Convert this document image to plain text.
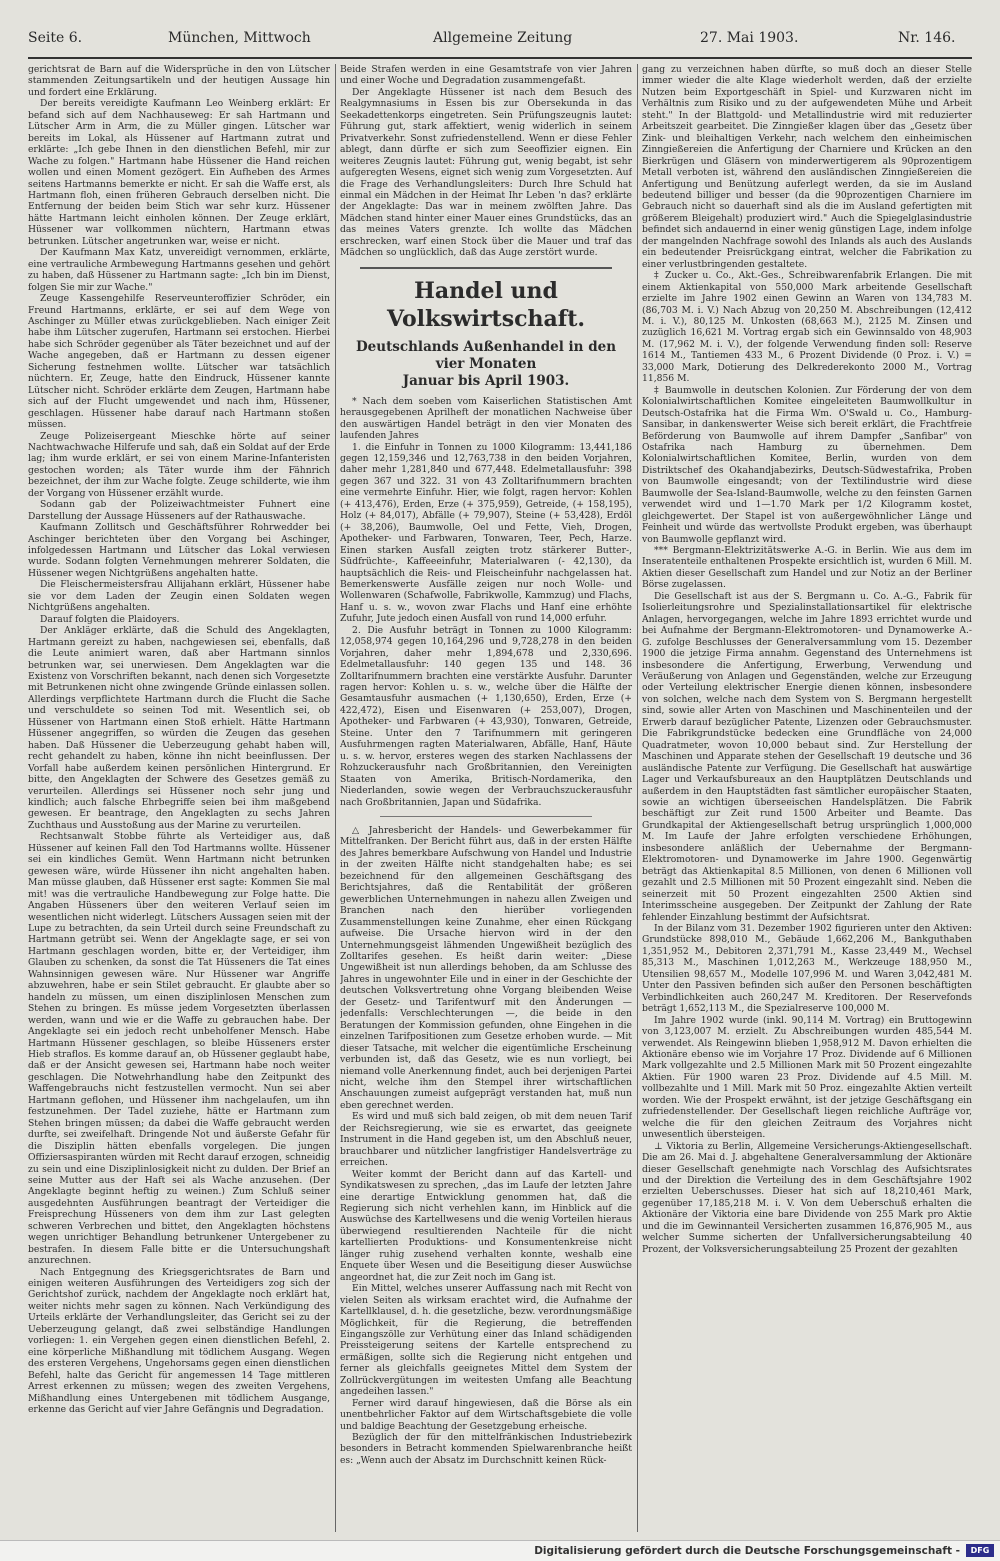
Seite 6.	München, Mittwoch	Allgemeine Zeitung	27. Mai 1903.	Nr. 146.

gerichtsrat de Barn auf die Widersprüche in den von Lütscher stammenden Zeitungsartikeln und der heutigen Aussage hin und fordert eine Erklärung.

Der bereits vereidigte Kaufmann Leo Weinberg erklärt: Er befand sich auf dem Nachhauseweg: Er sah Hartmann und Lütscher Arm in Arm, die zu Müller gingen. Lütscher war bereits im Lokal, als Hüssener auf Hartmann zutrat und erklärte: „Ich gebe Ihnen in den dienstlichen Befehl, mir zur Wache zu folgen." Hartmann habe Hüssener die Hand reichen wollen und einen Moment gezögert. Ein Aufheben des Armes seitens Hartmanns bemerkte er nicht. Er sah die Waffe erst, als Hartmann floh, einen früheren Gebrauch derselben nicht. Die Entfernung der beiden beim Stich war sehr kurz. Hüssener hätte Hartmann leicht einholen können. Der Zeuge erklärt, Hüssener war vollkommen nüchtern, Hartmann etwas betrunken. Lütscher angetrunken war, weise er nicht.

Der Kaufmann Max Katz, unvereidigt vernommen, erklärte, eine vertrauliche Armbewegung Hartmanns gesehen und gehört zu haben, daß Hüssener zu Hartmann sagte: „Ich bin im Dienst, folgen Sie mir zur Wache."

Zeuge Kassengehilfe Reserveunteroffizier Schröder, ein Freund Hartmanns, erklärte, er sei auf dem Wege von Aschinger zu Müller etwas zurückgeblieben. Nach einiger Zeit habe ihm Lütscher zugerufen, Hartmann sei erstochen. Hierbei habe sich Schröder gegenüber als Täter bezeichnet und auf der Wache angegeben, daß er Hartmann zu dessen eigener Sicherung festnehmen wollte. Lütscher war tatsächlich nüchtern. Er, Zeuge, hatte den Eindruck, Hüssener kannte Lütscher nicht. Schröder erklärte dem Zeugen, Hartmann habe sich auf der Flucht umgewendet und nach ihm, Hüssener, geschlagen. Hüssener habe darauf nach Hartmann stoßen müssen.

Zeuge Polizeisergeant Mieschke hörte auf seiner Nachtwachwache Hilferufe und sah, daß ein Soldat auf der Erde lag; ihm wurde erklärt, er sei von einem Marine-Infanteristen gestochen worden; als Täter wurde ihm der Fähnrich bezeichnet, der ihm zur Wache folgte. Zeuge schilderte, wie ihm der Vorgang von Hüssener erzählt wurde.

Sodann gab der Polizeiwachtmeister Fuhnert eine Darstellung der Aussage Hüsseners auf der Rathauswache.

Kaufmann Zollitsch und Geschäftsführer Rohrwedder bei Aschinger berichteten über den Vorgang bei Aschinger, infolgedessen Hartmann und Lütscher das Lokal verwiesen wurde. Sodann folgten Vernehmungen mehrerer Soldaten, die Hüssener wegen Nichtgrüßens angehalten hatte.

Die Fleischermeistersfrau Allijahann erklärt, Hüssener habe sie vor dem Laden der Zeugin einen Soldaten wegen Nichtgrüßens angehalten.

Darauf folgten die Plaidoyers.

Der Ankläger erklärte, daß die Schuld des Angeklagten, Hartmann gereizt zu haben, nachgewiesen sei, ebenfalls, daß die Leute animiert waren, daß aber Hartmann sinnlos betrunken war, sei unerwiesen. Dem Angeklagten war die Existenz von Vorschriften bekannt, nach denen sich Vorgesetzte mit Betrunkenen nicht ohne zwingende Gründe einlassen sollen. Allerdings verpflichtete Hartmann durch die Flucht die Sache und verschuldete so seinen Tod mit. Wesentlich sei, ob Hüssener von Hartmann einen Stoß erhielt. Hätte Hartmann Hüssener angegriffen, so würden die Zeugen das gesehen haben. Daß Hüssener die Ueberzeugung gehabt haben will, recht gehandelt zu haben, könne ihn nicht beeinflussen. Der Vorfall habe außerdem keinen persönlichen Hintergrund. Er bitte, den Angeklagten der Schwere des Gesetzes gemäß zu verurteilen. Allerdings sei Hüssener noch sehr jung und kindlich; auch falsche Ehrbegriffe seien bei ihm maßgebend gewesen. Er beantrage, den Angeklagten zu sechs Jahren Zuchthaus und Ausstoßung aus der Marine zu verurteilen.

Rechtsanwalt Stobbe führte als Verteidiger aus, daß Hüssener auf keinen Fall den Tod Hartmanns wollte. Hüssener sei ein kindliches Gemüt. Wenn Hartmann nicht betrunken gewesen wäre, würde Hüssener ihn nicht angehalten haben. Man müsse glauben, daß Hüssener erst sagte: Kommen Sie mal mit! was die vertrauliche Handbewegung zur Folge hatte. Die Angaben Hüsseners über den weiteren Verlauf seien im wesentlichen nicht widerlegt. Lütschers Aussagen seien mit der Lupe zu betrachten, da sein Urteil durch seine Freundschaft zu Hartmann getrübt sei. Wenn der Angeklagte sage, er sei von Hartmann geschlagen worden, bitte er, der Verteidiger, ihm Glauben zu schenken, da sonst die Tat Hüsseners die Tat eines Wahnsinnigen gewesen wäre. Nur Hüssener war Angriffe abzuwehren, habe er sein Stilet gebraucht. Er glaubte aber so handeln zu müssen, um einen disziplinlosen Menschen zum Stehen zu bringen. Es müsse jedem Vorgesetzten überlassen werden, wann und wie er die Waffe zu gebrauchen habe. Der Angeklagte sei ein jedoch recht unbeholfener Mensch. Habe Hartmann Hüssener geschlagen, so bleibe Hüsseners erster Hieb straflos. Es komme darauf an, ob Hüssener geglaubt habe, daß er der Ansicht gewesen sei, Hartmann habe noch weiter geschlagen. Die Notwehrhandlung habe den Zeitpunkt des Waffengebrauchs nicht festzustellen vermocht. Nun sei aber Hartmann geflohen, und Hüssener ihm nachgelaufen, um ihn festzunehmen. Der Tadel zuziehe, hätte er Hartmann zum Stehen bringen müssen; da dabei die Waffe gebraucht werden durfte, sei zweifelhaft. Dringende Not und äußerste Gefahr für die Disziplin hätten ebenfalls vorgelegen. Die jungen Offiziersaspiranten würden mit Recht darauf erzogen, schneidig zu sein und eine Disziplinlosigkeit nicht zu dulden. Der Brief an seine Mutter aus der Haft sei als Wache anzusehen. (Der Angeklagte beginnt heftig zu weinen.) Zum Schluß seiner ausgedehnten Ausführungen beantragt der Verteidiger die Freisprechung Hüsseners von dem ihm zur Last gelegten schweren Verbrechen und bittet, den Angeklagten höchstens wegen unrichtiger Behandlung betrunkener Untergebener zu bestrafen. In diesem Falle bitte er die Untersuchungshaft anzurechnen.

Nach Entgegnung des Kriegsgerichtsrates de Barn und einigen weiteren Ausführungen des Verteidigers zog sich der Gerichtshof zurück, nachdem der Angeklagte noch erklärt hat, weiter nichts mehr sagen zu können. Nach Verkündigung des Urteils erklärte der Verhandlungsleiter, das Gericht sei zu der Ueberzeugung gelangt, daß zwei selbständige Handlungen vorliegen: 1. ein Vergehen gegen einen dienstlichen Befehl, 2. eine körperliche Mißhandlung mit tödlichem Ausgang. Wegen des ersteren Vergehens, Ungehorsams gegen einen dienstlichen Befehl, halte das Gericht für angemessen 14 Tage mittleren Arrest erkennen zu müssen; wegen des zweiten Vergehens, Mißhandlung eines Untergebenen mit tödlichem Ausgange, erkenne das Gericht auf vier Jahre Gefängnis und Degradation.

Beide Strafen werden in eine Gesamtstrafe von vier Jahren und einer Woche und Degradation zusammengefaßt.

Der Angeklagte Hüssener ist nach dem Besuch des Realgymnasiums in Essen bis zur Obersekunda in das Seekadettenkorps eingetreten. Sein Prüfungszeugnis lautet: Führung gut, stark affektiert, wenig widerlich in seinem Privatverkehr. Sonst zufriedenstellend. Wenn er diese Fehler ablegt, dann dürfte er sich zum Seeoffizier eignen. Ein weiteres Zeugnis lautet: Führung gut, wenig begabt, ist sehr aufgeregten Wesens, eignet sich wenig zum Vorgesetzten. Auf die Frage des Verhandlungsleiters: Durch Ihre Schuld hat einmal ein Mädchen in der Heimat Ihr Leben 'n das? erklärte der Angeklagte: Das war in meinem zwölften Jahre. Das Mädchen stand hinter einer Mauer eines Grundstücks, das an das meines Vaters grenzte. Ich wollte das Mädchen erschrecken, warf einen Stock über die Mauer und traf das Mädchen so unglücklich, daß das Auge zerstört wurde.

Handel und Volkswirtschaft.
Deutschlands Außenhandel in den vier Monaten
Januar bis April 1903.

* Nach dem soeben vom Kaiserlichen Statistischen Amt herausgegebenen Aprilheft der monatlichen Nachweise über den auswärtigen Handel beträgt in den vier Monaten des laufenden Jahres

1. die Einfuhr in Tonnen zu 1000 Kilogramm: 13,441,186 gegen 12,159,346 und 12,763,738 in den beiden Vorjahren, daher mehr 1,281,840 und 677,448. Edelmetallausfuhr: 398 gegen 367 und 322. 31 von 43 Zolltarifnummern brachten eine vermehrte Einfuhr. Hier, wie folgt, ragen hervor: Kohlen (+ 413,476), Erden, Erze (+ 375,959), Getreide, (+ 158,195), Holz (+ 84,017), Abfälle (+ 79,907), Steine (+ 53,428), Erdöl (+ 38,206), Baumwolle, Oel und Fette, Vieh, Drogen, Apotheker- und Farbwaren, Tonwaren, Teer, Pech, Harze. Einen starken Ausfall zeigten trotz stärkerer Butter-, Südfrüchte-, Kaffeeeinfuhr, Materialwaren (- 42,130), da hauptsächlich die Reis- und Fleischeinfuhr nachgelassen hat. Bemerkenswerte Ausfälle zeigen nur noch Wolle- und Wollenwaren (Schafwolle, Fabrikwolle, Kammzug) und Flachs, Hanf u. s. w., wovon zwar Flachs und Hanf eine erhöhte Zufuhr, Jute jedoch einen Ausfall von rund 14,000 erfuhr.

2. Die Ausfuhr beträgt in Tonnen zu 1000 Kilogramm: 12,058,974 gegen 10,164,296 und 9,728,278 in den beiden Vorjahren, daher mehr 1,894,678 und 2,330,696. Edelmetallausfuhr: 140 gegen 135 und 148. 36 Zolltarifnummern brachten eine verstärkte Ausfuhr. Darunter ragen hervor: Kohlen u. s. w., welche über die Hälfte der Gesamtausfuhr ausmachen (+ 1,130,650), Erden, Erze (+ 422,472), Eisen und Eisenwaren (+ 253,007), Drogen, Apotheker- und Farbwaren (+ 43,930), Tonwaren, Getreide, Steine. Unter den 7 Tarifnummern mit geringeren Ausfuhrmengen ragten Materialwaren, Abfälle, Hanf, Häute u. s. w. hervor, ersteres wegen des starken Nachlassens der Rohzuckerausfuhr nach Großbritannien, den Vereinigten Staaten von Amerika, Britisch-Nordamerika, den Niederlanden, sowie wegen der Verbrauchszuckerausfuhr nach Großbritannien, Japan und Südafrika.

△ Jahresbericht der Handels- und Gewerbekammer für Mittelfranken. Der Bericht führt aus, daß in der ersten Hälfte des Jahres bemerkbare Aufschwung von Handel und Industrie in der zweiten Hälfte nicht standgehalten habe; es sei bezeichnend für den allgemeinen Geschäftsgang des Berichtsjahres, daß die Rentabilität der größeren gewerblichen Unternehmungen in nahezu allen Zweigen und Branchen nach den hierüber vorliegenden Zusammenstellungen keine Zunahme, eher einen Rückgang aufweise. Die Ursache hiervon wird in der den Unternehmungsgeist lähmenden Ungewißheit bezüglich des Zolltarifes gesehen. Es heißt darin weiter: „Diese Ungewißheit ist nun allerdings behoben, da am Schlusse des Jahres in ungewohnter Eile und in einer in der Geschichte der deutschen Volksvertretung ohne Vorgang bleibenden Weise der Gesetz- und Tarifentwurf mit den Änderungen — jedenfalls: Verschlechterungen —, die beide in den Beratungen der Kommission gefunden, ohne Eingehen in die einzelnen Tarifpositionen zum Gesetze erhoben wurde. — Mit dieser Tatsache, mit welcher die eigentümliche Erscheinung verbunden ist, daß das Gesetz, wie es nun vorliegt, bei niemand volle Anerkennung findet, auch bei derjenigen Partei nicht, welche ihm den Stempel ihrer wirtschaftlichen Anschauungen zumeist aufgeprägt verstanden hat, muß nun eben gerechnet werden.

Es wird und muß sich bald zeigen, ob mit dem neuen Tarif der Reichsregierung, wie sie es erwartet, das geeignete Instrument in die Hand gegeben ist, um den Abschluß neuer, brauchbarer und nützlicher langfristiger Handelsverträge zu erreichen.

Weiter kommt der Bericht dann auf das Kartell- und Syndikatswesen zu sprechen, „das im Laufe der letzten Jahre eine derartige Entwicklung genommen hat, daß die Regierung sich nicht verhehlen kann, im Hinblick auf die Auswüchse des Kartellwesens und die wenig Vorteilen hieraus überwiegend resultierenden Nachteile für die nicht kartellierten Produktions- und Konsumentenkreise nicht länger ruhig zusehend verhalten konnte, weshalb eine Enquete über Wesen und die Beseitigung dieser Auswüchse angeordnet hat, die zur Zeit noch im Gang ist.

Ein Mittel, welches unserer Auffassung nach mit Recht von vielen Seiten als wirksam erachtet wird, die Aufnahme der Kartellklausel, d. h. die gesetzliche, bezw. verordnungsmäßige Möglichkeit, für die Regierung, die betreffenden Eingangszölle zur Verhütung einer das Inland schädigenden Preissteigerung seitens der Kartelle entsprechend zu ermäßigen, sollte sich die Regierung nicht entgehen und ferner als gleichfalls geeignetes Mittel dem System der Zollrückvergütungen im weitesten Umfang alle Beachtung angedeihen lassen."

Ferner wird darauf hingewiesen, daß die Börse als ein unentbehrlicher Faktor auf dem Wirtschaftsgebiete die volle und baldige Beachtung der Gesetzgebung erheische.

Bezüglich der für den mittelfränkischen Industriebezirk besonders in Betracht kommenden Spielwarenbranche heißt es: „Wenn auch der Absatz im Durchschnitt keinen Rück-

gang zu verzeichnen haben dürfte, so muß doch an dieser Stelle immer wieder die alte Klage wiederholt werden, daß der erzielte Nutzen beim Exportgeschäft in Spiel- und Kurzwaren nicht im Verhältnis zum Risiko und zu der aufgewendeten Mühe und Arbeit steht." In der Blattgold- und Metallindustrie wird mit reduzierter Arbeitszeit gearbeitet. Die Zinngießer klagen über das „Gesetz über Zink- und bleihaltigen Verkehr, nach welchem den einheimischen Zinngießereien die Anfertigung der Charniere und Krücken an den Bierkrügen und Gläsern von minderwertigerem als 90prozentigem Metall verboten ist, während den ausländischen Zinngießereien die Anfertigung und Benützung auferlegt werden, da sie im Ausland bedeutend billiger und besser (da die 90prozentigen Charniere im Gebrauch nicht so dauerhaft sind als die im Ausland gefertigten mit größerem Bleigehalt) produziert wird." Auch die Spiegelglasindustrie befindet sich andauernd in einer wenig günstigen Lage, indem infolge der mangelnden Nachfrage sowohl des Inlands als auch des Auslands ein bedeutender Preisrückgang eintrat, welcher die Fabrikation zu einer verlustbringenden gestaltete.

‡ Zucker u. Co., Akt.-Ges., Schreibwarenfabrik Erlangen. Die mit einem Aktienkapital von 550,000 Mark arbeitende Gesellschaft erzielte im Jahre 1902 einen Gewinn an Waren von 134,783 M. (86,703 M. i. V.) Nach Abzug von 20,250 M. Abschreibungen (12,412 M. i. V.), 80,125 M. Unkosten (68,663 M.), 2125 M. Zinsen und zuzüglich 16,621 M. Vortrag ergab sich ein Gewinnsaldo von 48,903 M. (17,962 M. i. V.), der folgende Verwendung finden soll: Reserve 1614 M., Tantiemen 433 M., 6 Prozent Dividende (0 Proz. i. V.) = 33,000 Mark, Dotierung des Delkrederekonto 2000 M., Vortrag 11,856 M.

‡ Baumwolle in deutschen Kolonien. Zur Förderung der von dem Kolonialwirtschaftlichen Komitee eingeleiteten Baumwollkultur in Deutsch-Ostafrika hat die Firma Wm. O'Swald u. Co., Hamburg-Sansibar, in dankenswerter Weise sich bereit erklärt, die Frachtfreie Beförderung von Baumwolle auf ihrem Dampfer „Sanfibar" von Ostafrika nach Hamburg zu übernehmen. Dem Kolonialwirtschaftlichen Komitee, Berlin, wurden von dem Distriktschef des Okahandjabezirks, Deutsch-Südwestafrika, Proben von Baumwolle eingesandt; von der Textilindustrie wird diese Baumwolle der Sea-Island-Baumwolle, welche zu den feinsten Garnen verwendet wird und 1—1.70 Mark per 1/2 Kilogramm kostet, gleichgewertet. Der Stapel ist von außergewöhnlicher Länge und Feinheit und würde das wertvollste Produkt ergeben, was überhaupt von Baumwolle gepflanzt wird.

*** Bergmann-Elektrizitätswerke A.-G. in Berlin. Wie aus dem im Inseratenteile enthaltenen Prospekte ersichtlich ist, wurden 6 Mill. M. Aktien dieser Gesellschaft zum Handel und zur Notiz an der Berliner Börse zugelassen.

Die Gesellschaft ist aus der S. Bergmann u. Co. A.-G., Fabrik für Isolierleitungsrohre und Spezialinstallationsartikel für elektrische Anlagen, hervorgegangen, welche im Jahre 1893 errichtet wurde und bei Aufnahme der Bergmann-Elektromotoren- und Dynamowerke A.-G. zufolge Beschlusses der Generalversammlung vom 15. Dezember 1900 die jetzige Firma annahm. Gegenstand des Unternehmens ist insbesondere die Anfertigung, Erwerbung, Verwendung und Veräußerung von Anlagen und Gegenständen, welche zur Erzeugung oder Verteilung elektrischer Energie dienen können, insbesondere von solchen, welche nach dem System von S. Bergmann hergestellt sind, sowie aller Arten von Maschinen und Maschinenteilen und der Erwerb darauf bezüglicher Patente, Lizenzen oder Gebrauchsmuster. Die Fabrikgrundstücke bedecken eine Grundfläche von 24,000 Quadratmeter, wovon 10,000 bebaut sind. Zur Herstellung der Maschinen und Apparate stehen der Gesellschaft 19 deutsche und 36 ausländische Patente zur Verfügung. Die Gesellschaft hat auswärtige Lager und Verkaufsbureaux an den Hauptplätzen Deutschlands und außerdem in den Hauptstädten fast sämtlicher europäischer Staaten, sowie an wichtigen überseeischen Handelsplätzen. Die Fabrik beschäftigt zur Zeit rund 1500 Arbeiter und Beamte. Das Grundkapital der Aktiengesellschaft betrug ursprünglich 1,000,000 M. Im Laufe der Jahre erfolgten verschiedene Erhöhungen, insbesondere anläßlich der Uebernahme der Bergmann-Elektromotoren- und Dynamowerke im Jahre 1900. Gegenwärtig beträgt das Aktienkapital 8.5 Millionen, von denen 6 Millionen voll gezahlt und 2.5 Millionen mit 50 Prozent eingezahlt sind. Neben die seinerzeit mit 50 Prozent eingezahlten 2500 Aktien sind Interimsscheine ausgegeben. Der Zeitpunkt der Zahlung der Rate fehlender Einzahlung bestimmt der Aufsichtsrat.

In der Bilanz vom 31. Dezember 1902 figurieren unter den Aktiven: Grundstücke 898,010 M., Gebäude 1,662,206 M., Bankguthaben 1,351,952 M., Debitoren 2,371,791 M., Kasse 23,449 M., Wechsel 85,313 M., Maschinen 1,012,263 M., Werkzeuge 188,950 M., Utensilien 98,657 M., Modelle 107,996 M. und Waren 3,042,481 M. Unter den Passiven befinden sich außer den Personen beschäftigten Verbindlichkeiten auch 260,247 M. Kreditoren. Der Reservefonds beträgt 1,652,113 M., die Spezialreserve 100,000 M.

Im Jahre 1902 wurde (inkl. 90,114 M. Vortrag) ein Bruttogewinn von 3,123,007 M. erzielt. Zu Abschreibungen wurden 485,544 M. verwendet. Als Reingewinn blieben 1,958,912 M. Davon erhielten die Aktionäre ebenso wie im Vorjahre 17 Proz. Dividende auf 6 Millionen Mark vollgezahlte und 2.5 Millionen Mark mit 50 Prozent eingezahlte Aktien. Für 1900 waren 23 Proz. Dividende auf 4.5 Mill. M. vollbezahlte und 1 Mill. Mark mit 50 Proz. eingezahlte Aktien verteilt worden. Wie der Prospekt erwähnt, ist der jetzige Geschäftsgang ein zufriedenstellender. Der Gesellschaft liegen reichliche Aufträge vor, welche die für den gleichen Zeitraum des Vorjahres nicht unwesentlich übersteigen.

⊥ Viktoria zu Berlin, Allgemeine Versicherungs-Aktiengesellschaft. Die am 26. Mai d. J. abgehaltene Generalversammlung der Aktionäre dieser Gesellschaft genehmigte nach Vorschlag des Aufsichtsrates und der Direktion die Verteilung des in dem Geschäftsjahre 1902 erzielten Ueberschusses. Dieser hat sich auf 18,210,461 Mark, gegenüber 17,185,218 M. i. V. Von dem Ueberschuß erhalten die Aktionäre der Viktoria eine bare Dividende von 255 Mark pro Aktie und die im Gewinnanteil Versicherten zusammen 16,876,905 M., aus welcher Summe sicherten der Unfallversicherungsabteilung 40 Prozent, der Volksversicherungsabteilung 25 Prozent der gezahlten

Digitalisierung gefördert durch die Deutsche Forschungsgemeinschaft -	DFG
